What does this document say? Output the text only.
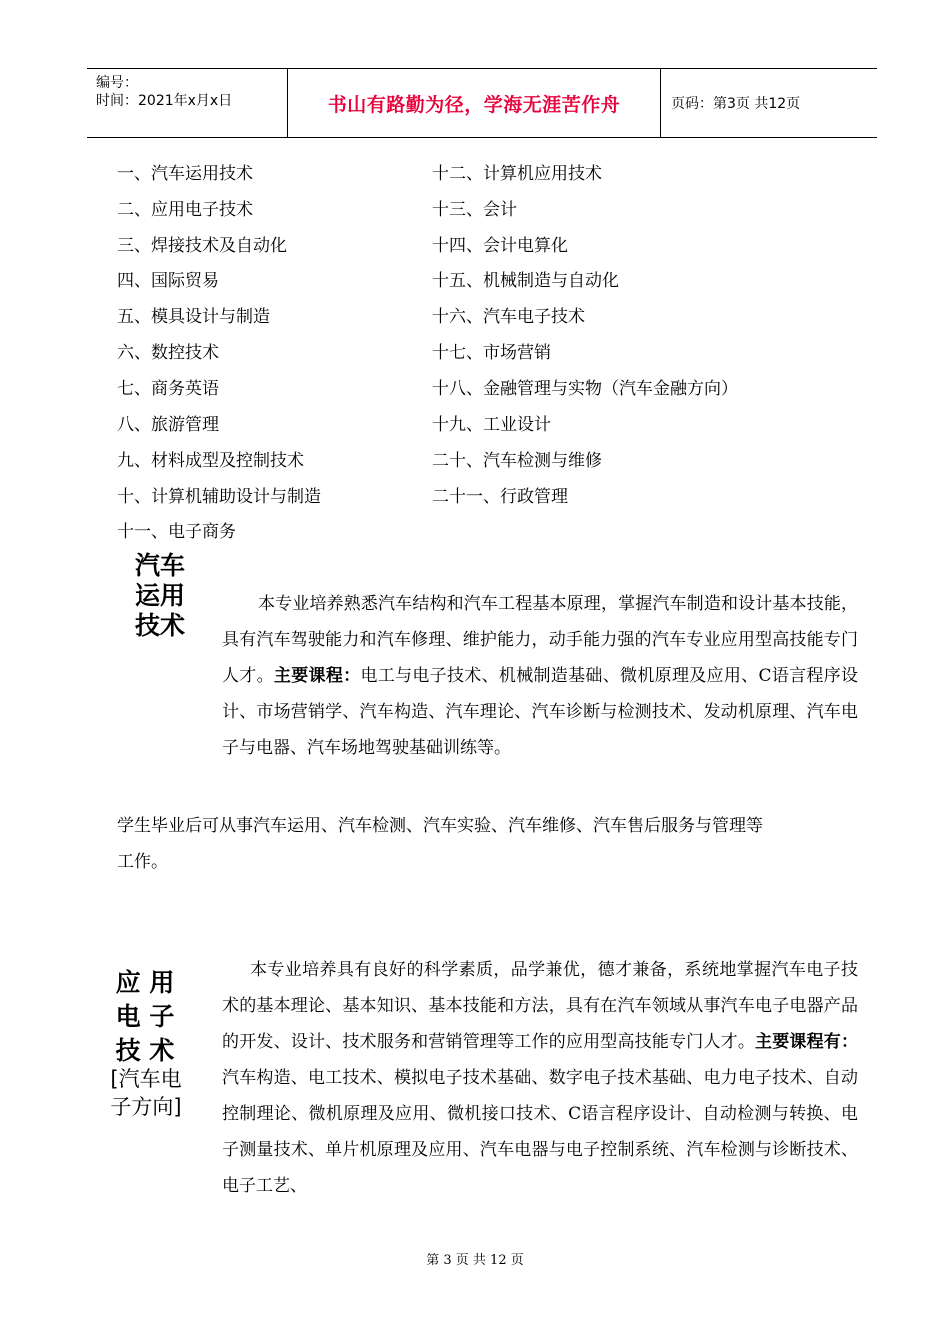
编号：
时间：2021年x月x日	书山有路勤为径，学海无涯苦作舟	页码：第3页 共12页
一、汽车运用技术
二、应用电子技术
三、焊接技术及自动化
四、国际贸易
五、模具设计与制造
六、数控技术
七、商务英语
八、旅游管理
九、材料成型及控制技术
十、计算机辅助设计与制造
十一、电子商务
十二、计算机应用技术
十三、会计
十四、会计电算化
十五、机械制造与自动化
十六、汽车电子技术
十七、市场营销
十八、金融管理与实物（汽车金融方向）
十九、工业设计
二十、汽车检测与维修
二十一、行政管理
汽车
运用
技术
本专业培养熟悉汽车结构和汽车工程基本原理，掌握汽车制造和设计基本技能，具有汽车驾驶能力和汽车修理、维护能力，动手能力强的汽车专业应用型高技能专门人才。主要课程：电工与电子技术、机械制造基础、微机原理及应用、C语言程序设计、市场营销学、汽车构造、汽车理论、汽车诊断与检测技术、发动机原理、汽车电子与电器、汽车场地驾驶基础训练等。
学生毕业后可从事汽车运用、汽车检测、汽车实验、汽车维修、汽车售后服务与管理等
工作。
应 用
电 子
技 术
[汽车电
子方向]
本专业培养具有良好的科学素质，品学兼优，德才兼备，系统地掌握汽车电子技术的基本理论、基本知识、基本技能和方法，具有在汽车领域从事汽车电子电器产品的开发、设计、技术服务和营销管理等工作的应用型高技能专门人才。主要课程有：汽车构造、电工技术、模拟电子技术基础、数字电子技术基础、电力电子技术、自动控制理论、微机原理及应用、微机接口技术、C语言程序设计、自动检测与转换、电子测量技术、单片机原理及应用、汽车电器与电子控制系统、汽车检测与诊断技术、电子工艺、
第 3 页 共 12 页
